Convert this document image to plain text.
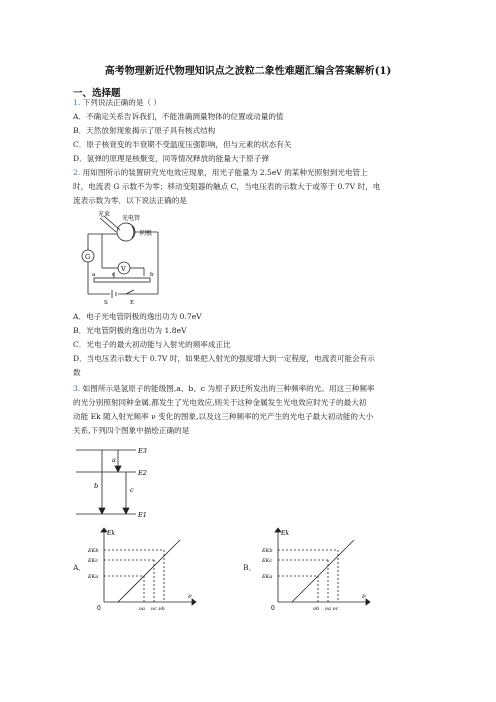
高考物理新近代物理知识点之波粒二象性难题汇编含答案解析(1)
一、选择题
1. 下列说法正确的是（ ）
A．不确定关系告诉我们，不能准确测量物体的位置或动量的值
B．天然放射现象揭示了原子具有核式结构
C．原子核衰变的半衰期不受温度压强影响，但与元素的状态有关
D．氢弹的原理是核聚变，同等情况释放的能量大于原子弹
2. 用如图所示的装置研究光电效应现象，用光子能量为 2.5eV 的某种光照射到光电管上
时，电流表 G 示数不为零；移动变阻器的触点 C，当电压表的示数大于或等于 0.7V 时，电
流表示数为零．以下说法正确的是
光束
光电管
阴极
G
V
a	c	b
S	E
A．电子光电管阴极的逸出功为 0.7eV
B．光电管阴极的逸出功为 1.8eV
C．光电子的最大初动能与入射光的频率成正比
D．当电压表示数大于 0.7V 时，如果把入射光的强度增大到一定程度，电流表可能会有示
数
3. 如图所示是氢原子的能级图,a、b、c 为原子跃迁所发出的三种频率的光。用这三种频率
的光分别照射同种金属,都发生了光电效应,则关于这种金属发生光电效应时光子的最大初
动能 Ek 随入射光频率 ν 变化的图象,以及这三种频率的光产生的光电子最大初动能的大小
关系,下列四个图象中描绘正确的是
E3
E2
E1
b
a
c
A．
Ek
ν
0
EKb
EKc
EKa
νa νc νb
B．
Ek
ν
0
EKb
EKc
EKa
νb νa νc
